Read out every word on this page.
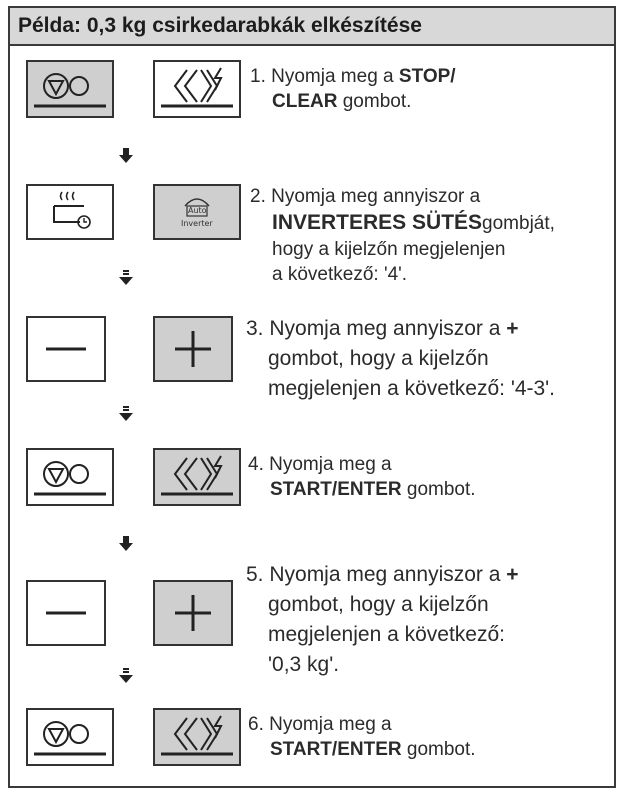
Példa: 0,3 kg csirkedarabkák elkészítése
1. Nyomja meg a STOP/
CLEAR gombot.
Auto
Inverter
2. Nyomja meg annyiszor a
INVERTERES SÜTÉSgombját,
hogy a kijelzőn megjelenjen
a következő: '4'.
3. Nyomja meg annyiszor a +
gombot, hogy a kijelzőn
megjelenjen a következő: '4-3'.
4. Nyomja meg a
START/ENTER gombot.
5. Nyomja meg annyiszor a +
gombot, hogy a kijelzőn
megjelenjen a következő:
'0,3 kg'.
6. Nyomja meg a
START/ENTER gombot.
